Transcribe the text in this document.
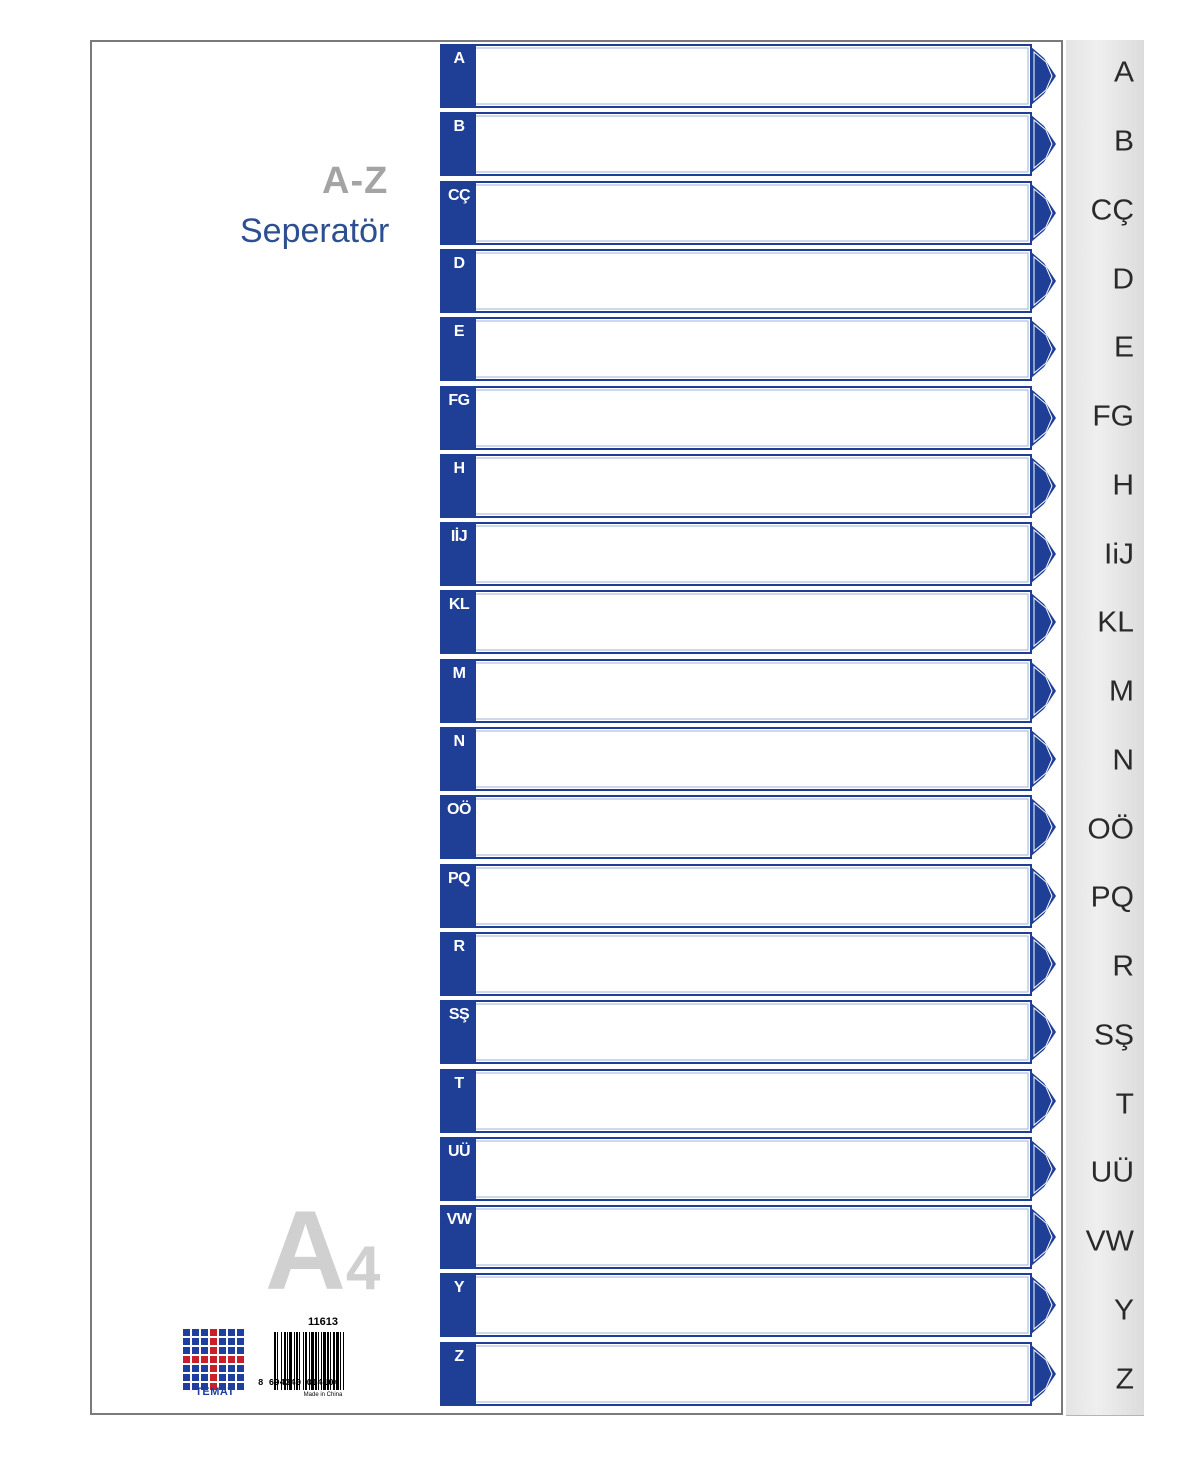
A-Z
Seperatör
A4
TEMAT
11613
8 694340 014104
Made in China
A
B
CÇ
D
E
FG
H
IİJ
KL
M
N
OÖ
PQ
R
SŞ
T
UÜ
VW
Y
Z
A
B
CÇ
D
E
FG
H
IiJ
KL
M
N
OÖ
PQ
R
SŞ
T
UÜ
VW
Y
Z
